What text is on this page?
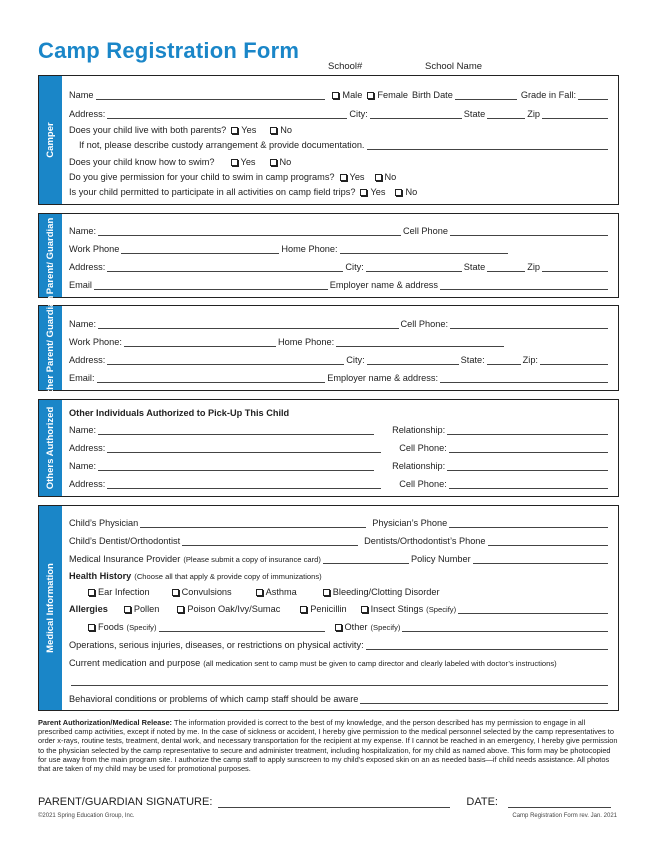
Camp Registration Form
School#	School Name
Camper
Name	Male Female Birth Date	Grade in Fall:
Address:	City:	State	Zip
Does your child live with both parents? Yes	No
If not, please describe custody arrangement & provide documentation.
Does your child know how to swim?	Yes	No
Do you give permission for your child to swim in camp programs? Yes No
Is your child permitted to participate in all activities on camp field trips? Yes No
Parent/ Guardian Name:	Cell Phone
Work Phone	Home Phone:
Address:	City:	State	Zip
Email	Employer name & address
Other Parent/ Guardian Name:	Cell Phone:
Work Phone:	Home Phone:
Address:	City:	State:	Zip:
Email:	Employer name & address:
Others Authorized Other Individuals Authorized to Pick-Up This Child
Name:	Relationship:
Address:	Cell Phone:
Name:	Relationship:
Address:	Cell Phone:
Medical Information
Child’s Physician	Physician’s Phone
Child’s Dentist/Orthodontist	Dentists/Orthodontist’s Phone
Medical Insurance Provider (Please submit a copy of insurance card)	Policy Number
Health History (Choose all that apply & provide copy of immunizations)
Ear Infection	Convulsions	Asthma	Bleeding/Clotting Disorder
Allergies	Pollen	Poison Oak/Ivy/Sumac	Penicillin	Insect Stings (Specify)
Foods (Specify)	Other (Specify)
Operations, serious injuries, diseases, or restrictions on physical activity:
Current medication and purpose (all medication sent to camp must be given to camp director and clearly labeled with doctor’s instructions)
Behavioral conditions or problems of which camp staff should be aware
Parent Authorization/Medical Release: The information provided is correct to the best of my knowledge, and the person described has my permission to engage in all prescribed camp activities, except if noted by me. In the case of sickness or accident, I hereby give permission to the medical personnel selected by the camp representatives to order x-rays, routine tests, treatment, dental work, and necessary transportation for the recipient at my expense. If I cannot be reached in an emergency, I hereby give permission to the physician selected by the camp representative to secure and administer treatment, including hospitalization, for my child as named above. This form may be photocopied for use away from the main program site. I authorize the camp staff to apply sunscreen to my child’s exposed skin on an as needed basis—if child needs assistance. All photos that are taken of my child may be used for promotional purposes.
PARENT/GUARDIAN SIGNATURE:	DATE:
©2021 Spring Education Group, Inc.	Camp Registration Form rev. Jan. 2021
